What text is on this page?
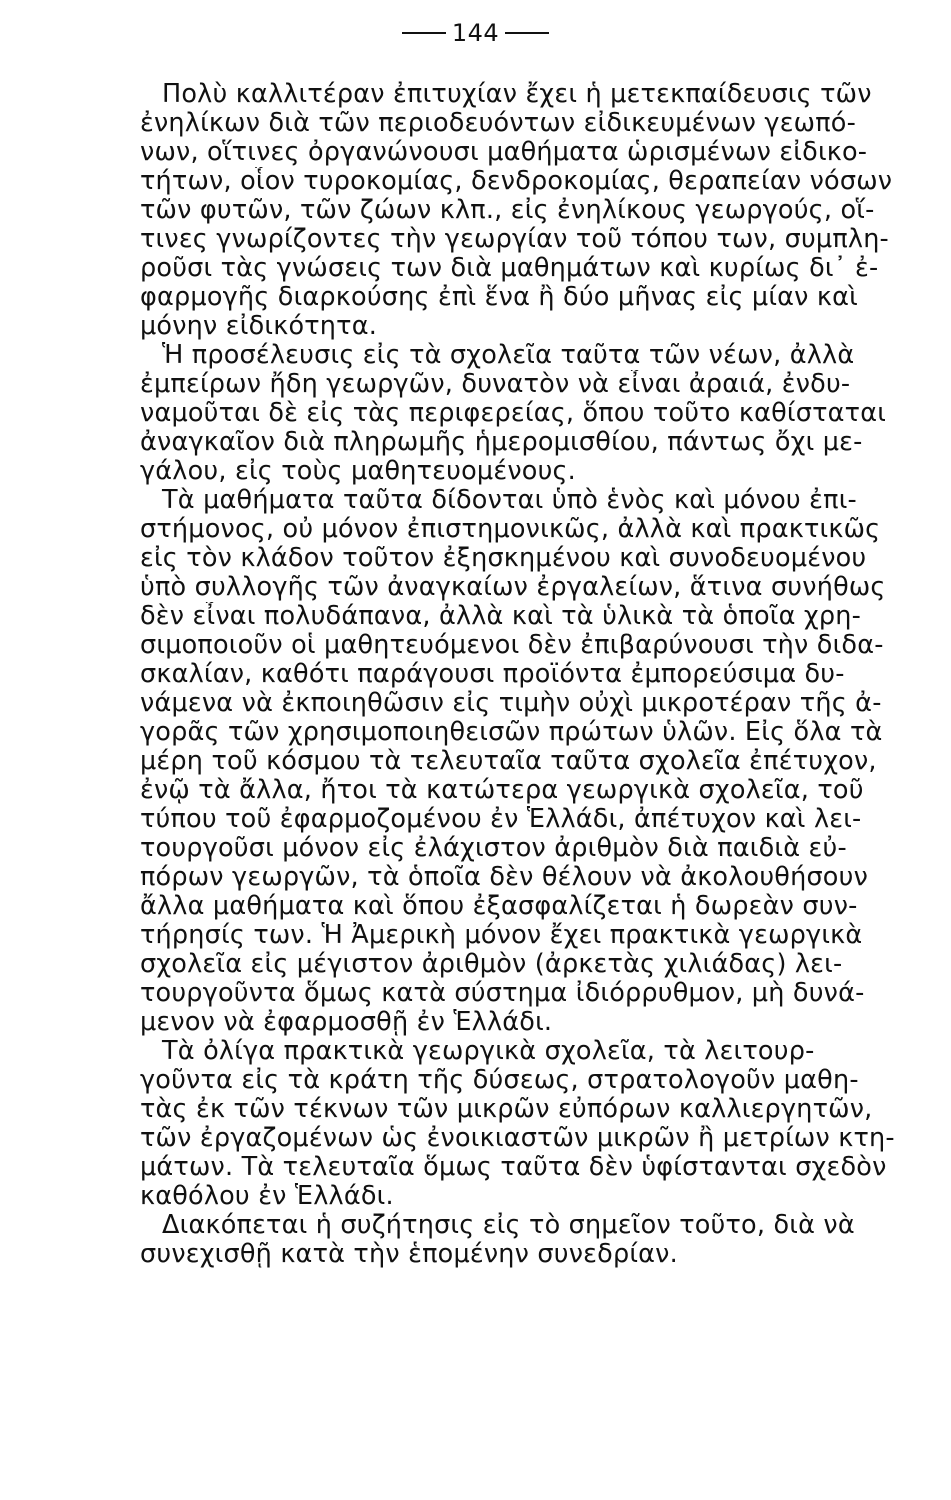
144
Πολὺ καλλιτέραν ἐπιτυχίαν ἔχει ἡ μετεκπαίδευσις τῶν
ἐνηλίκων διὰ τῶν περιοδευόντων εἰδικευμένων γεωπό-
νων, οἵτινες ὀργανώνουσι μαθήματα ὡρισμένων εἰδικο-
τήτων, οἷον τυροκομίας, δενδροκομίας, θεραπείαν νόσων
τῶν φυτῶν, τῶν ζώων κλπ., εἰς ἐνηλίκους γεωργούς, οἵ-
τινες γνωρίζοντες τὴν γεωργίαν τοῦ τόπου των, συμπλη-
ροῦσι τὰς γνώσεις των διὰ μαθημάτων καὶ κυρίως δι᾽ ἐ-
φαρμογῆς διαρκούσης ἐπὶ ἕνα ἢ δύο μῆνας εἰς μίαν καὶ
μόνην εἰδικότητα.
Ἡ προσέλευσις εἰς τὰ σχολεῖα ταῦτα τῶν νέων, ἀλλὰ
ἐμπείρων ἤδη γεωργῶν, δυνατὸν νὰ εἶναι ἀραιά, ἐνδυ-
ναμοῦται δὲ εἰς τὰς περιφερείας, ὅπου τοῦτο καθίσταται
ἀναγκαῖον διὰ πληρωμῆς ἡμερομισθίου, πάντως ὄχι με-
γάλου, εἰς τοὺς μαθητευομένους.
Τὰ μαθήματα ταῦτα δίδονται ὑπὸ ἑνὸς καὶ μόνου ἐπι-
στήμονος, οὐ μόνον ἐπιστημονικῶς, ἀλλὰ καὶ πρακτικῶς
εἰς τὸν κλάδον τοῦτον ἐξησκημένου καὶ συνοδευομένου
ὑπὸ συλλογῆς τῶν ἀναγκαίων ἐργαλείων, ἅτινα συνήθως
δὲν εἶναι πολυδάπανα, ἀλλὰ καὶ τὰ ὑλικὰ τὰ ὁποῖα χρη-
σιμοποιοῦν οἱ μαθητευόμενοι δὲν ἐπιβαρύνουσι τὴν διδα-
σκαλίαν, καθότι παράγουσι προϊόντα ἐμπορεύσιμα δυ-
νάμενα νὰ ἐκποιηθῶσιν εἰς τιμὴν οὐχὶ μικροτέραν τῆς ἀ-
γορᾶς τῶν χρησιμοποιηθεισῶν πρώτων ὑλῶν. Εἰς ὅλα τὰ
μέρη τοῦ κόσμου τὰ τελευταῖα ταῦτα σχολεῖα ἐπέτυχον,
ἐνῷ τὰ ἄλλα, ἤτοι τὰ κατώτερα γεωργικὰ σχολεῖα, τοῦ
τύπου τοῦ ἐφαρμοζομένου ἐν Ἑλλάδι, ἀπέτυχον καὶ λει-
τουργοῦσι μόνον εἰς ἐλάχιστον ἀριθμὸν διὰ παιδιὰ εὐ-
πόρων γεωργῶν, τὰ ὁποῖα δὲν θέλουν νὰ ἀκολουθήσουν
ἄλλα μαθήματα καὶ ὅπου ἐξασφαλίζεται ἡ δωρεὰν συν-
τήρησίς των. Ἡ Ἀμερικὴ μόνον ἔχει πρακτικὰ γεωργικὰ
σχολεῖα εἰς μέγιστον ἀριθμὸν (ἀρκετὰς χιλιάδας) λει-
τουργοῦντα ὅμως κατὰ σύστημα ἰδιόρρυθμον, μὴ δυνά-
μενον νὰ ἐφαρμοσθῇ ἐν Ἑλλάδι.
Τὰ ὀλίγα πρακτικὰ γεωργικὰ σχολεῖα, τὰ λειτουρ-
γοῦντα εἰς τὰ κράτη τῆς δύσεως, στρατολογοῦν μαθη-
τὰς ἐκ τῶν τέκνων τῶν μικρῶν εὐπόρων καλλιεργητῶν,
τῶν ἐργαζομένων ὡς ἐνοικιαστῶν μικρῶν ἢ μετρίων κτη-
μάτων. Τὰ τελευταῖα ὅμως ταῦτα δὲν ὑφίστανται σχεδὸν
καθόλου ἐν Ἑλλάδι.
Διακόπεται ἡ συζήτησις εἰς τὸ σημεῖον τοῦτο, διὰ νὰ
συνεχισθῇ κατὰ τὴν ἑπομένην συνεδρίαν.
